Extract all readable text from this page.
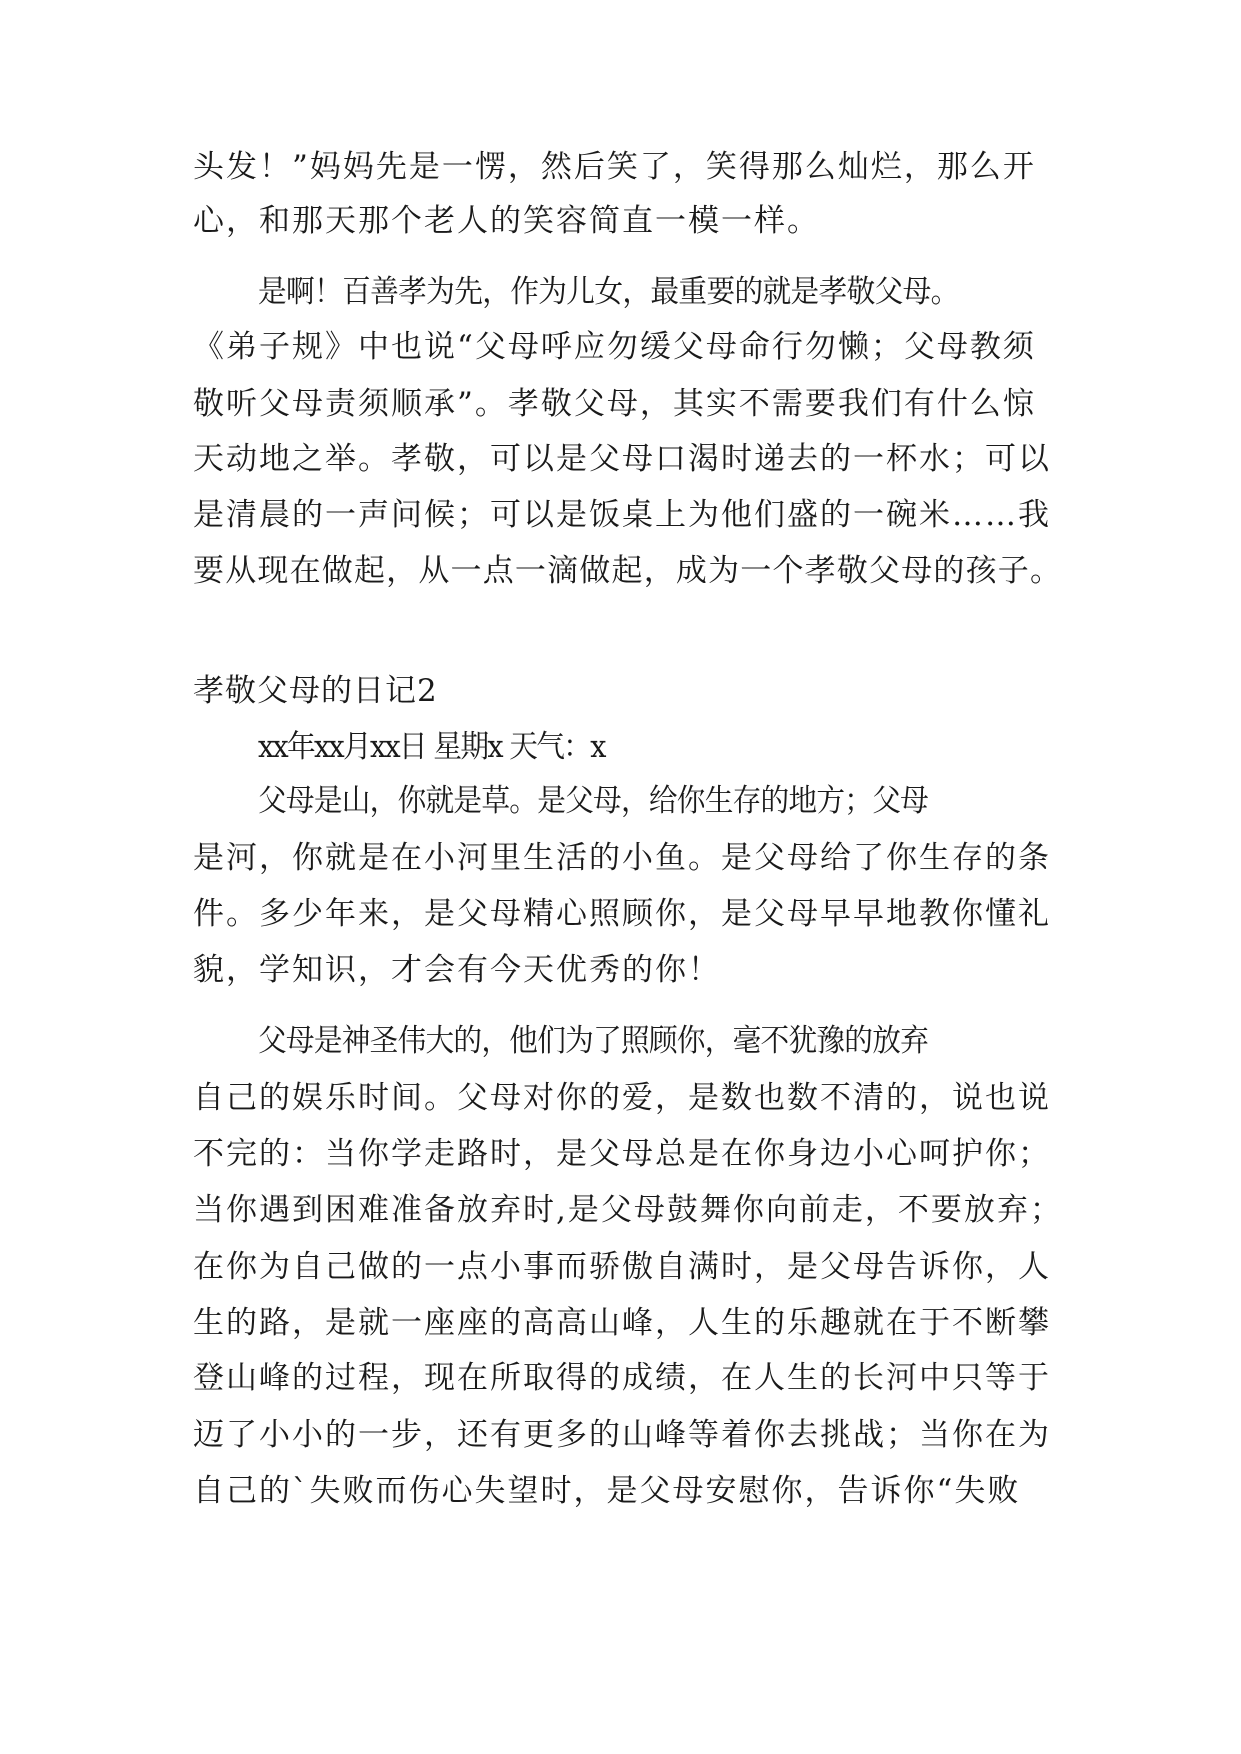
头发！”妈妈先是一愣，然后笑了，笑得那么灿烂，那么开

心，和那天那个老人的笑容简直一模一样。

是啊！百善孝为先，作为儿女，最重要的就是孝敬父母。

《弟子规》中也说“父母呼应勿缓父母命行勿懒；父母教须

敬听父母责须顺承”。孝敬父母，其实不需要我们有什么惊

天动地之举。孝敬，可以是父母口渴时递去的一杯水；可以

是清晨的一声问候；可以是饭桌上为他们盛的一碗米……我

要从现在做起，从一点一滴做起，成为一个孝敬父母的孩子。

孝敬父母的日记2

xx年xx月xx日 星期x 天气：x

父母是山，你就是草。是父母，给你生存的地方；父母

是河，你就是在小河里生活的小鱼。是父母给了你生存的条

件。多少年来，是父母精心照顾你，是父母早早地教你懂礼

貌，学知识，才会有今天优秀的你！

父母是神圣伟大的，他们为了照顾你，毫不犹豫的放弃

自己的娱乐时间。父母对你的爱，是数也数不清的，说也说

不完的：当你学走路时，是父母总是在你身边小心呵护你；

当你遇到困难准备放弃时,是父母鼓舞你向前走，不要放弃；

在你为自己做的一点小事而骄傲自满时，是父母告诉你，人

生的路，是就一座座的高高山峰，人生的乐趣就在于不断攀

登山峰的过程，现在所取得的成绩，在人生的长河中只等于

迈了小小的一步，还有更多的山峰等着你去挑战；当你在为

自己的`失败而伤心失望时，是父母安慰你，告诉你“失败
